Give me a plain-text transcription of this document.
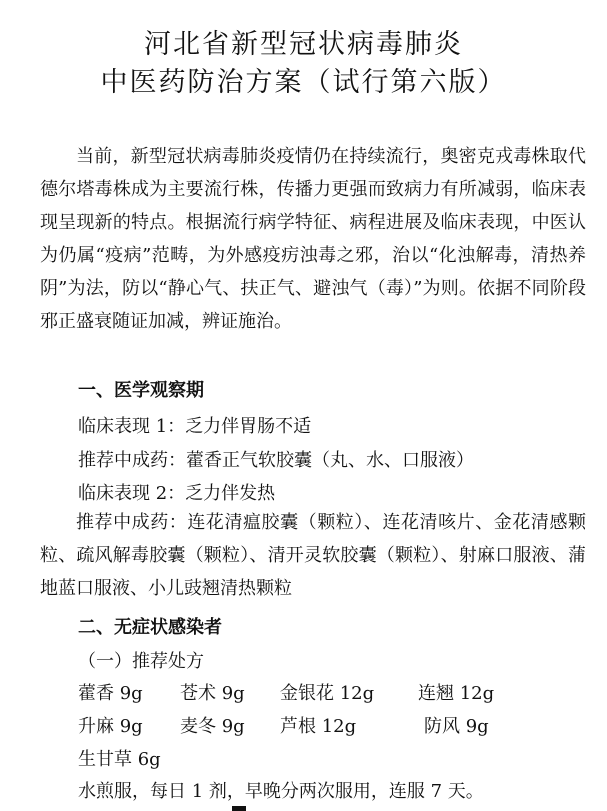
河北省新型冠状病毒肺炎
中医药防治方案（试行第六版）

当前，新型冠状病毒肺炎疫情仍在持续流行，奥密克戎毒株取代德尔塔毒株成为主要流行株，传播力更强而致病力有所减弱，临床表现呈现新的特点。根据流行病学特征、病程进展及临床表现，中医认为仍属“疫病”范畴，为外感疫疠浊毒之邪，治以“化浊解毒，清热养阴”为法，防以“静心气、扶正气、避浊气（毒）”为则。依据不同阶段邪正盛衰随证加减，辨证施治。

一、医学观察期
临床表现 1：乏力伴胃肠不适
推荐中成药：藿香正气软胶囊（丸、水、口服液）
临床表现 2：乏力伴发热

推荐中成药：连花清瘟胶囊（颗粒）、连花清咳片、金花清感颗粒、疏风解毒胶囊（颗粒）、清开灵软胶囊（颗粒）、射麻口服液、蒲地蓝口服液、小儿豉翘清热颗粒

二、无症状感染者
（一）推荐处方
藿香 9g 苍术 9g 金银花 12g 连翘 12g
升麻 9g 麦冬 9g 芦根 12g	防风 9g
生甘草 6g
水煎服，每日 1 剂，早晚分两次服用，连服 7 天。
